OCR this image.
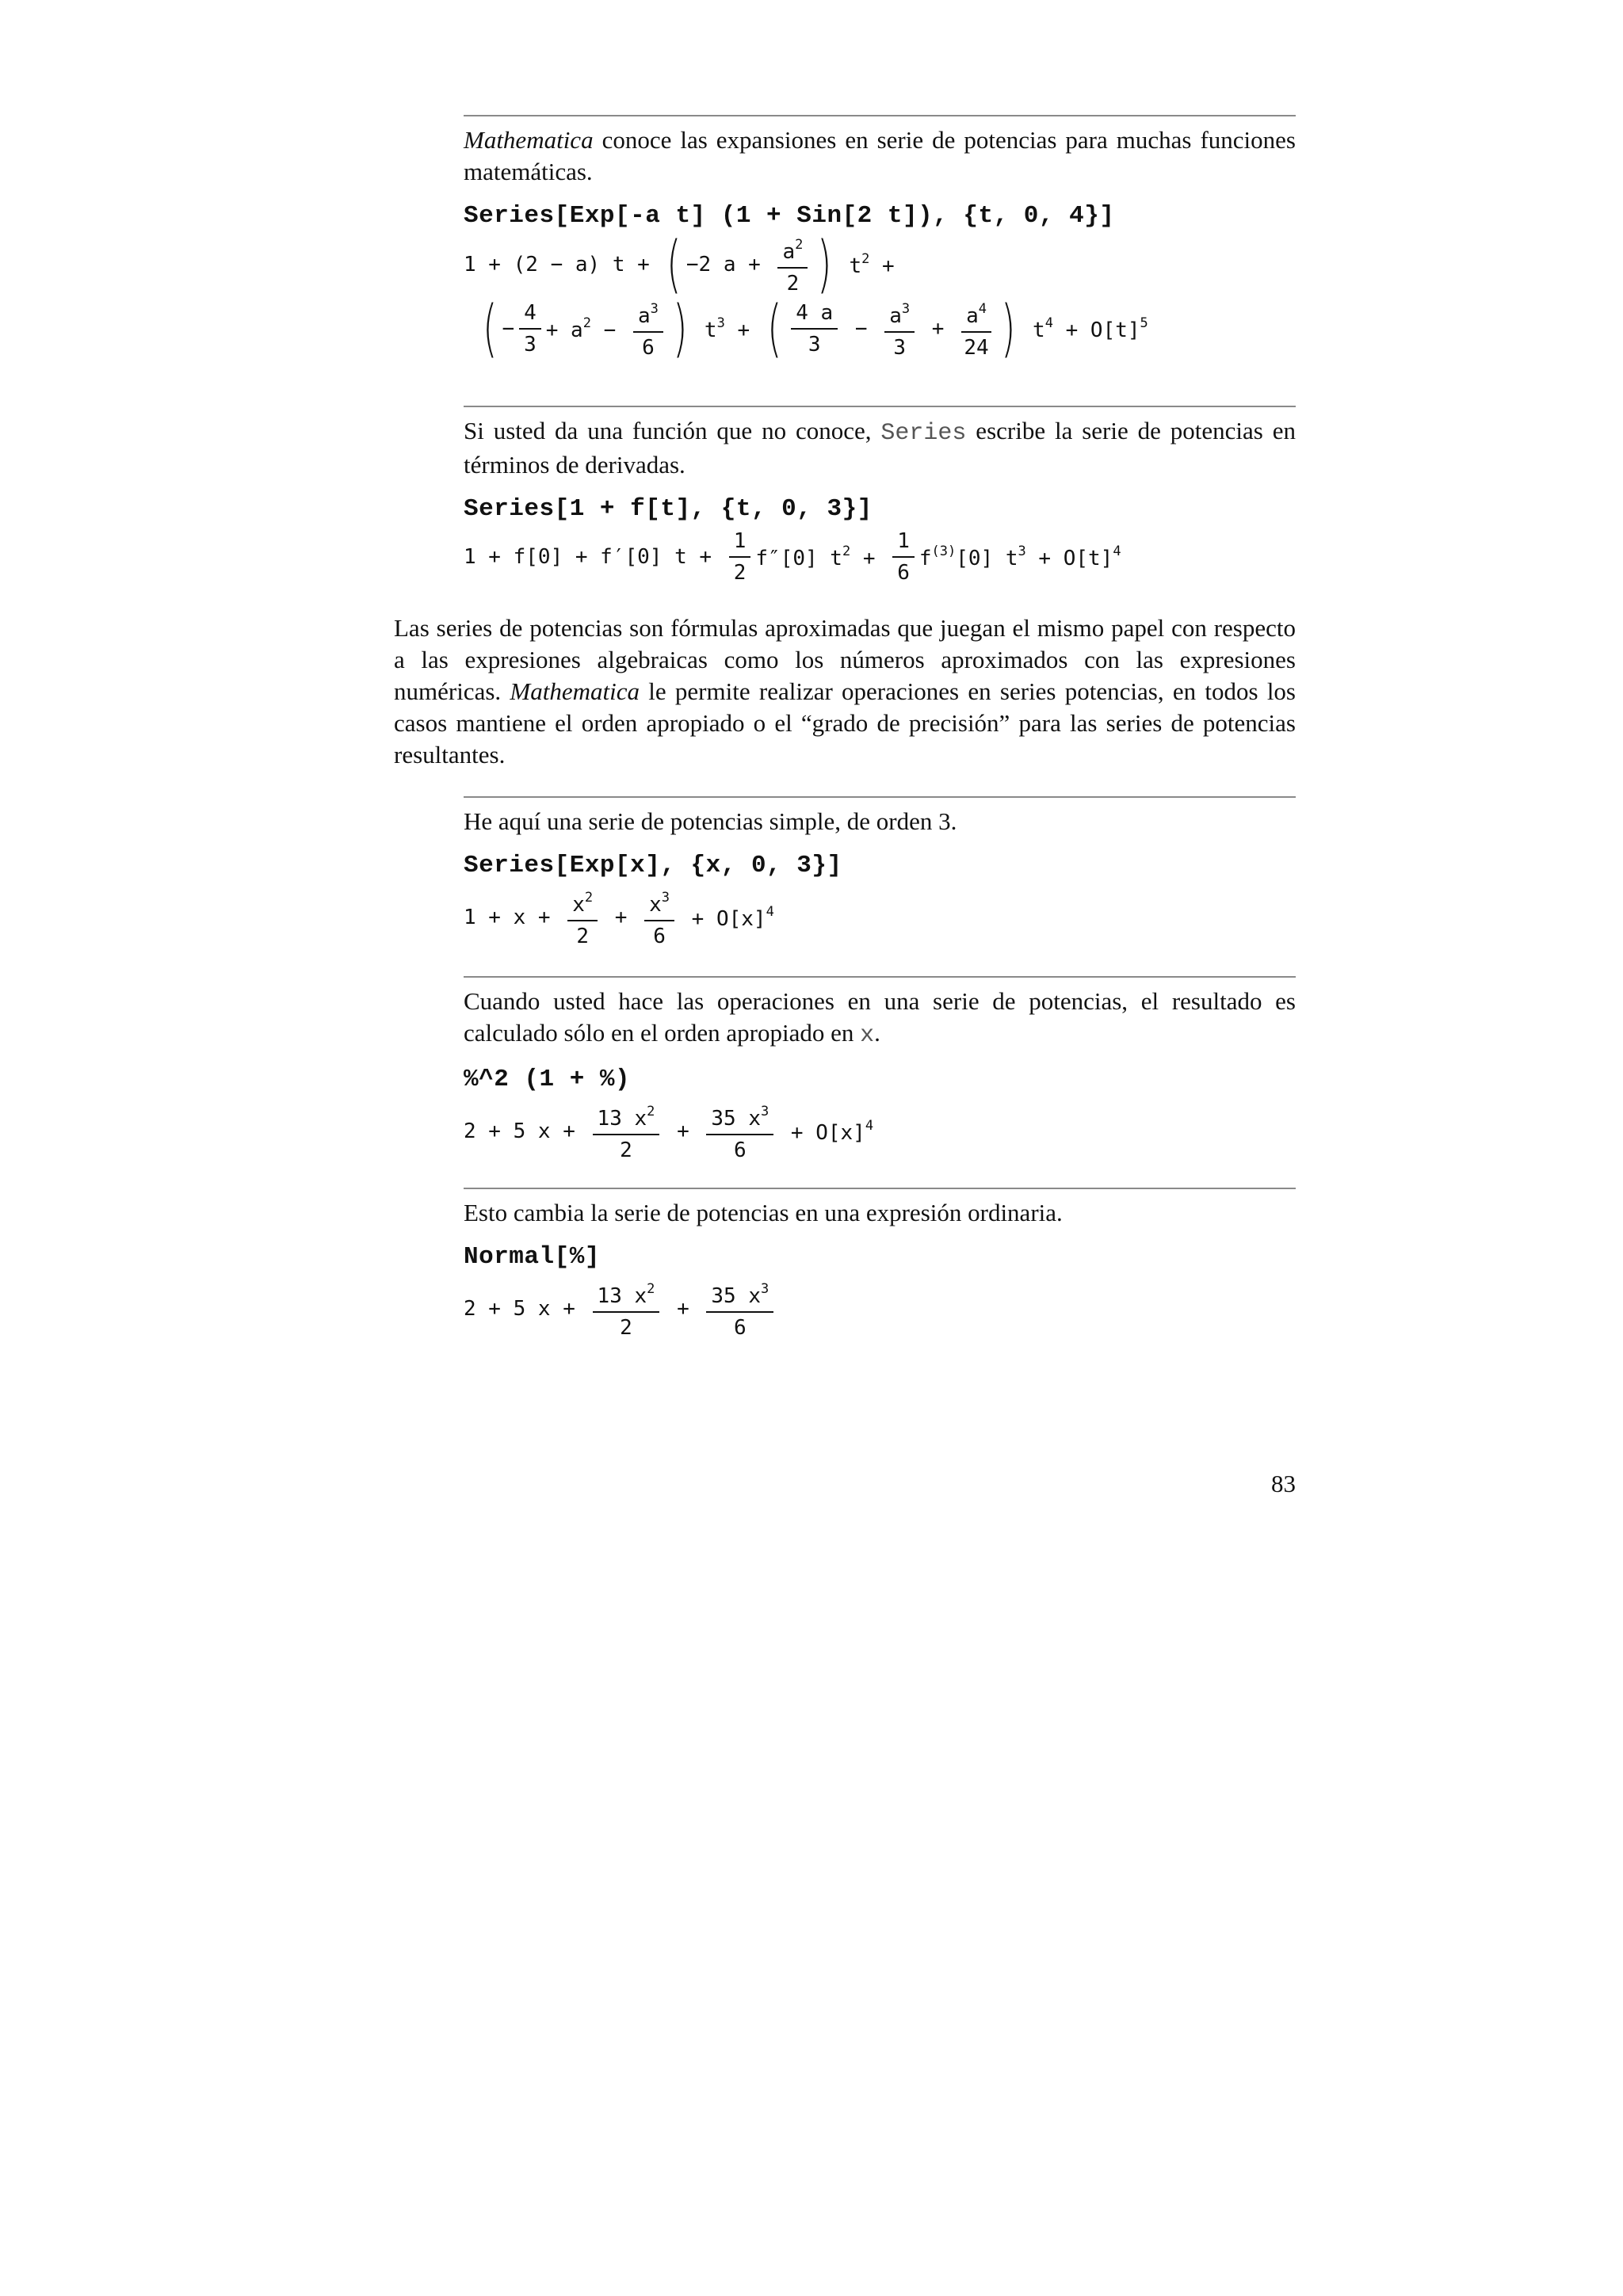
Mathematica conoce las expansiones en serie de potencias para muchas funciones matemáticas.
Series[Exp[-a t] (1 + Sin[2 t]), {t, 0, 4}]
1 + (2 − a) t + ( −2 $a + \frac{a^2}{2}$ ) $t^2$ +
( − $\frac{4}{3} + a^2 - \frac{a^3}{6}$ ) $t^3$ + ( $\frac{4 a}{3} - \frac{a^3}{3} + \frac{a^4}{24}$ ) $t^4 + O[t]^5$
Si usted da una función que no conoce, Series escribe la serie de potencias en términos de derivadas.
Series[1 + f[t], {t, 0, 3}]
1 + f[0] + f′[0] $t + \frac{1}{2} f''[0] t^2 + \frac{1}{6} f^{(3)}[0] t^3 + O[t]^4$
Las series de potencias son fórmulas aproximadas que juegan el mismo papel con respecto a las expresiones algebraicas como los números aproximados con las expresiones numéricas. Mathematica le permite realizar operaciones en series potencias, en todos los casos mantiene el orden apropiado o el “grado de precisión” para las series de potencias resultantes.
He aquí una serie de potencias simple, de orden 3.
Series[Exp[x], {x, 0, 3}]
$1 + x + \frac{x^2}{2} + \frac{x^3}{6} + O[x]^4$
Cuando usted hace las operaciones en una serie de potencias, el resultado es calculado sólo en el orden apropiado en x.
%^2 (1 + %)
2 + 5 $x + \frac{13 x^2}{2} + \frac{35 x^3}{6} + O[x]^4$
Esto cambia la serie de potencias en una expresión ordinaria.
Normal[%]
2 + 5 $x + \frac{13 x^2}{2} + \frac{35 x^3}{6}$
83
